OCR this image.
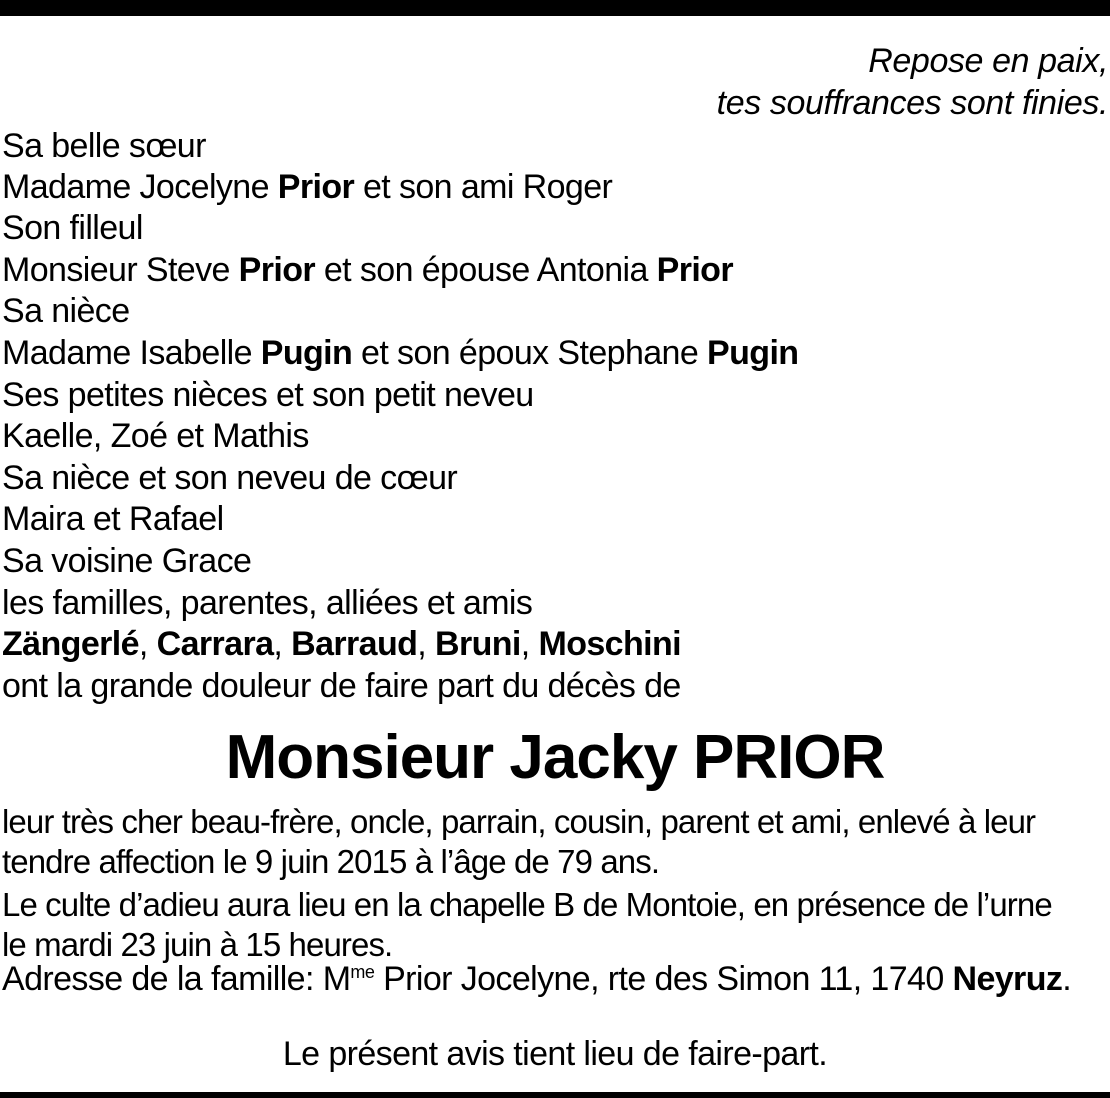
Repose en paix,
tes souffrances sont finies.
Sa belle sœur
Madame Jocelyne Prior et son ami Roger
Son filleul
Monsieur Steve Prior et son épouse Antonia Prior
Sa nièce
Madame Isabelle Pugin et son époux Stephane Pugin
Ses petites nièces et son petit neveu
Kaelle, Zoé et Mathis
Sa nièce et son neveu de cœur
Maira et Rafael
Sa voisine Grace
les familles, parentes, alliées et amis
Zängerlé, Carrara, Barraud, Bruni, Moschini
ont la grande douleur de faire part du décès de
Monsieur Jacky PRIOR
leur très cher beau-frère, oncle, parrain, cousin, parent et ami, enlevé à leur
tendre affection le 9 juin 2015 à l’âge de 79 ans.
Le culte d’adieu aura lieu en la chapelle B de Montoie, en présence de l’urne
le mardi 23 juin à 15 heures.
Adresse de la famille: $M^{me}$ Prior Jocelyne, rte des Simon 11, 1740 Neyruz.
Le présent avis tient lieu de faire-part.
